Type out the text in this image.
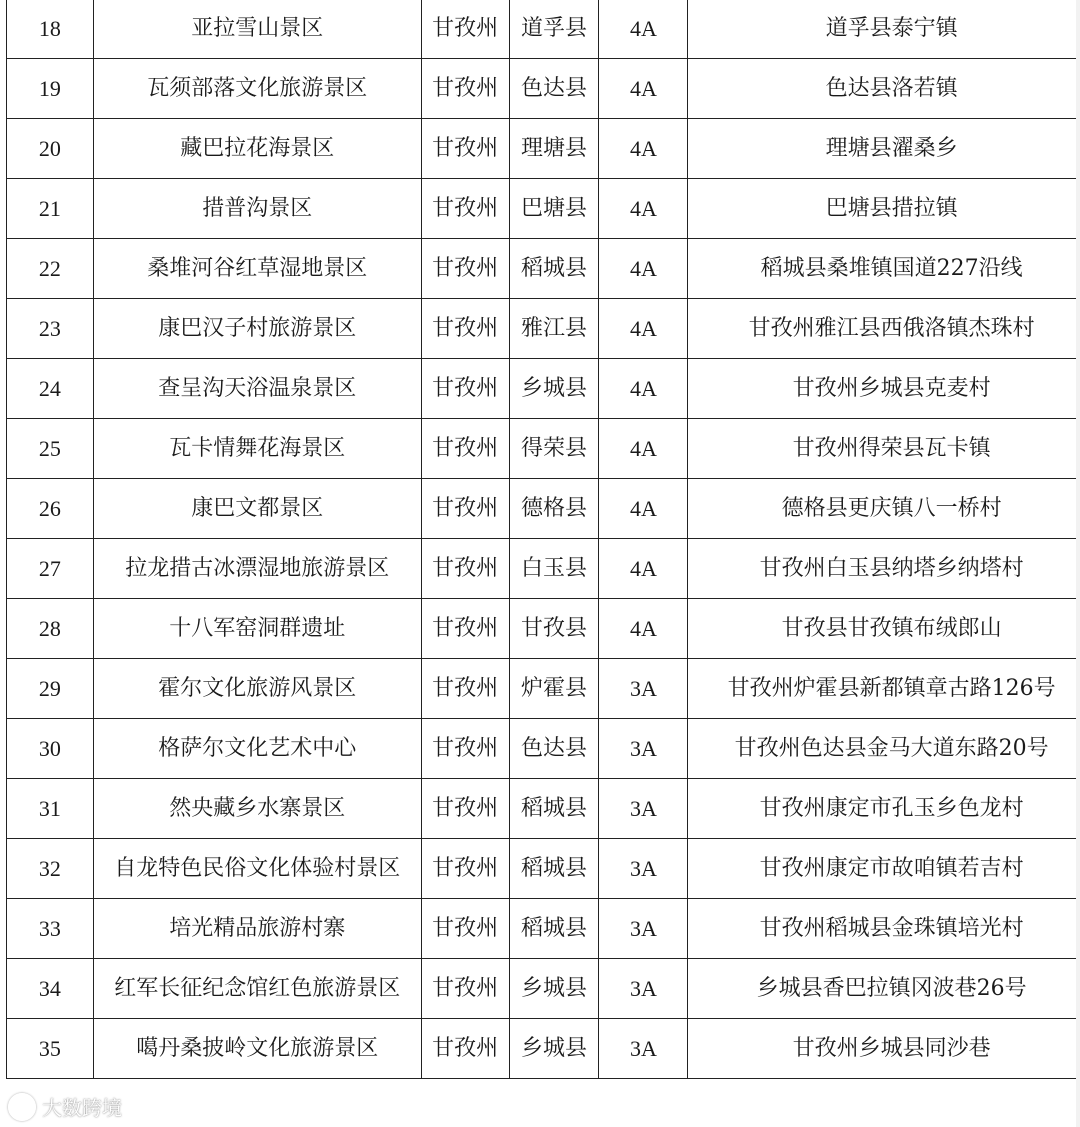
18	亚拉雪山景区	甘孜州	道孚县	4A	道孚县泰宁镇
19	瓦须部落文化旅游景区	甘孜州	色达县	4A	色达县洛若镇
20	藏巴拉花海景区	甘孜州	理塘县	4A	理塘县濯桑乡
21	措普沟景区	甘孜州	巴塘县	4A	巴塘县措拉镇
22	桑堆河谷红草湿地景区	甘孜州	稻城县	4A	稻城县桑堆镇国道227沿线
23	康巴汉子村旅游景区	甘孜州	雅江县	4A	甘孜州雅江县西俄洛镇杰珠村
24	查呈沟天浴温泉景区	甘孜州	乡城县	4A	甘孜州乡城县克麦村
25	瓦卡情舞花海景区	甘孜州	得荣县	4A	甘孜州得荣县瓦卡镇
26	康巴文都景区	甘孜州	德格县	4A	德格县更庆镇八一桥村
27	拉龙措古冰漂湿地旅游景区	甘孜州	白玉县	4A	甘孜州白玉县纳塔乡纳塔村
28	十八军窑洞群遗址	甘孜州	甘孜县	4A	甘孜县甘孜镇布绒郎山
29	霍尔文化旅游风景区	甘孜州	炉霍县	3A	甘孜州炉霍县新都镇章古路126号
30	格萨尔文化艺术中心	甘孜州	色达县	3A	甘孜州色达县金马大道东路20号
31	然央藏乡水寨景区	甘孜州	稻城县	3A	甘孜州康定市孔玉乡色龙村
32	自龙特色民俗文化体验村景区	甘孜州	稻城县	3A	甘孜州康定市故咱镇若吉村
33	培光精品旅游村寨	甘孜州	稻城县	3A	甘孜州稻城县金珠镇培光村
34	红军长征纪念馆红色旅游景区	甘孜州	乡城县	3A	乡城县香巴拉镇冈波巷26号
35	噶丹桑披岭文化旅游景区	甘孜州	乡城县	3A	甘孜州乡城县同沙巷
大数跨境
